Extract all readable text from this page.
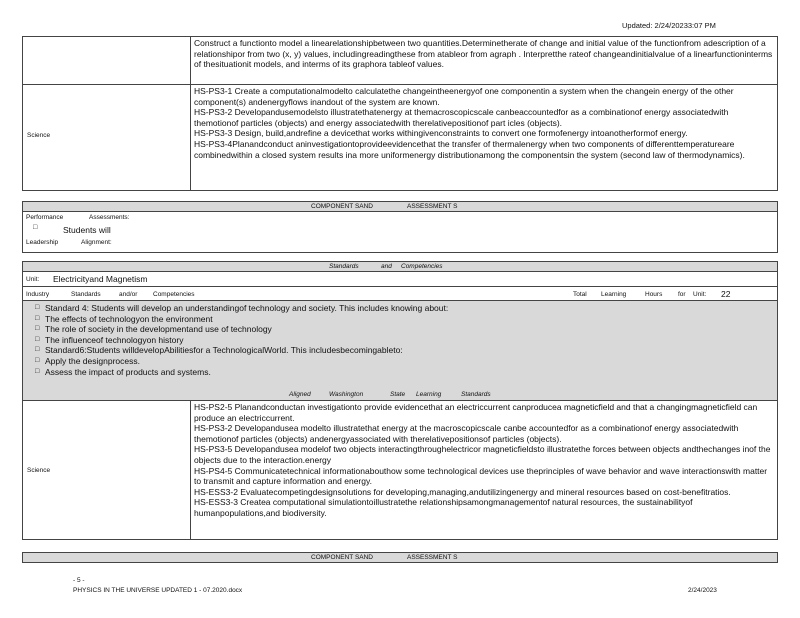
Updated: 2/24/20233:07 PM
Construct a functionto model a linearelationshipbetween two quantities.Determinetherate of change and initial value of the functionfrom adescription of a relationshipor from two (x, y) values, includingreadingthese from atableor from agraph . Interpretthe rateof changeandinitialvalue of a linearfunctioninterms of thesituationit models, and interms of its graphora tableof values.
Science

HS-PS3-1 Create a computationalmodelto calculatethe changeintheenergyof one componentin a system when the changein energy of the other component(s) andenergyflows inandout of the system are known.

HS-PS3-2 Developandusemodelsto illustratethatenergy at themacroscopicscale canbeaccountedfor as a combinationof energy associatedwith themotionof particles (objects) and energy associatedwith therelativepositionof part icles (objects).

HS-PS3-3 Design, build,andrefine a devicethat works withingivenconstraints to convert one formofenergy intoanotherformof energy.

HS-PS3-4Planandconduct aninvestigationtoprovideevidencethat the transfer of thermalenergy when two components of differenttemperatureare combinedwithin a closed system results ina more uniformenergy distributionamong the componentsin the system (second law of thermodynamics).

COMPONENT SAND	ASSESSMENT S
Performance	Assessments:
□	Students will
Leadership	Alignment:
Standards	and Competencies
Unit: Electricityand Magnetism
Industry	Standards	and/or Competencies	Total Learning	Hours for Unit: 22
□ Standard 4: Students will develop an understandingof technology and society. This includes knowing about:
□ The effects of technologyon the environment
□ The role of society in the developmentand use of technology
□ The influenceof technologyon history
□ Standard6:Students willdevelopAbilitiesfor a TechnologicalWorld. This includesbecomingableto:
□ Apply the designprocess.
□ Assess the impact of products and systems.
Aligned	Washington	State Learning	Standards
Science

HS-PS2-5 Planandconductan investigationto provide evidencethat an electriccurrent canproducea magneticfield and that a changingmagneticfield can produce an electriccurrent.

HS-PS3-2 Developandusea modelto illustratethat energy at the macroscopicscale canbe accountedfor as a combinationof energy associatedwith themotionof particles (objects) andenergyassociated with therelativepositionsof particles (objects).

HS-PS3-5 Developandusea modelof two objects interactingthroughelectricor magneticfieldsto illustratethe forces between objects andthechanges inof the objects due to the interaction.energy

HS-PS4-5 Communicatetechnical informationabouthow some technological devices use theprinciples of wave behavior and wave interactionswith matter to transmit and capture information and energy.

HS-ESS3-2 Evaluatecompetingdesignsolutions for developing,managing,andutilizingenergy and mineral resources based on cost-benefitratios.

HS-ESS3-3 Createa computational simulationtoillustratethe relationshipsamongmanagementof natural resources, the sustainabilityof humanpopulations,and biodiversity.

COMPONENT SAND	ASSESSMENT S
- 5 -
PHYSICS IN THE UNIVERSE UPDATED 1 - 07.2020.docx	2/24/2023
